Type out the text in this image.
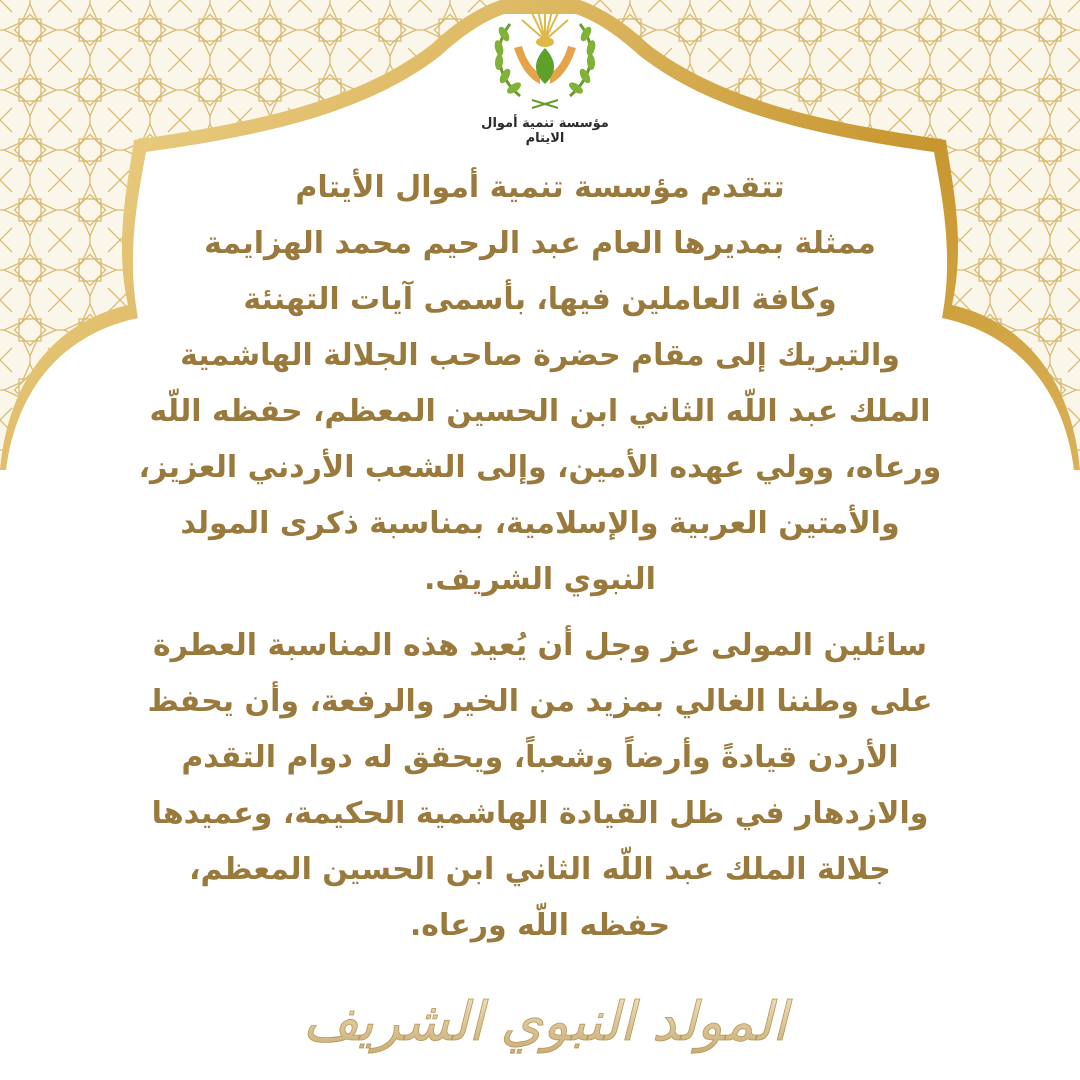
مؤسسة تنمية أموال الايتام
تتقدم مؤسسة تنمية أموال الأيتام
ممثلة بمديرها العام عبد الرحيم محمد الهزايمة
وكافة العاملين فيها، بأسمى آيات التهنئة
والتبريك إلى مقام حضرة صاحب الجلالة الهاشمية
الملك عبد اللّه الثاني ابن الحسين المعظم، حفظه اللّه
ورعاه، وولي عهده الأمين، وإلى الشعب الأردني العزيز،
والأمتين العربية والإسلامية، بمناسبة ذكرى المولد
النبوي الشريف.
سائلين المولى عز وجل أن يُعيد هذه المناسبة العطرة
على وطننا الغالي بمزيد من الخير والرفعة، وأن يحفظ
الأردن قيادةً وأرضاً وشعباً، ويحقق له دوام التقدم
والازدهار في ظل القيادة الهاشمية الحكيمة، وعميدها
جلالة الملك عبد اللّه الثاني ابن الحسين المعظم،
حفظه اللّه ورعاه.
المولد النبوي الشريف
